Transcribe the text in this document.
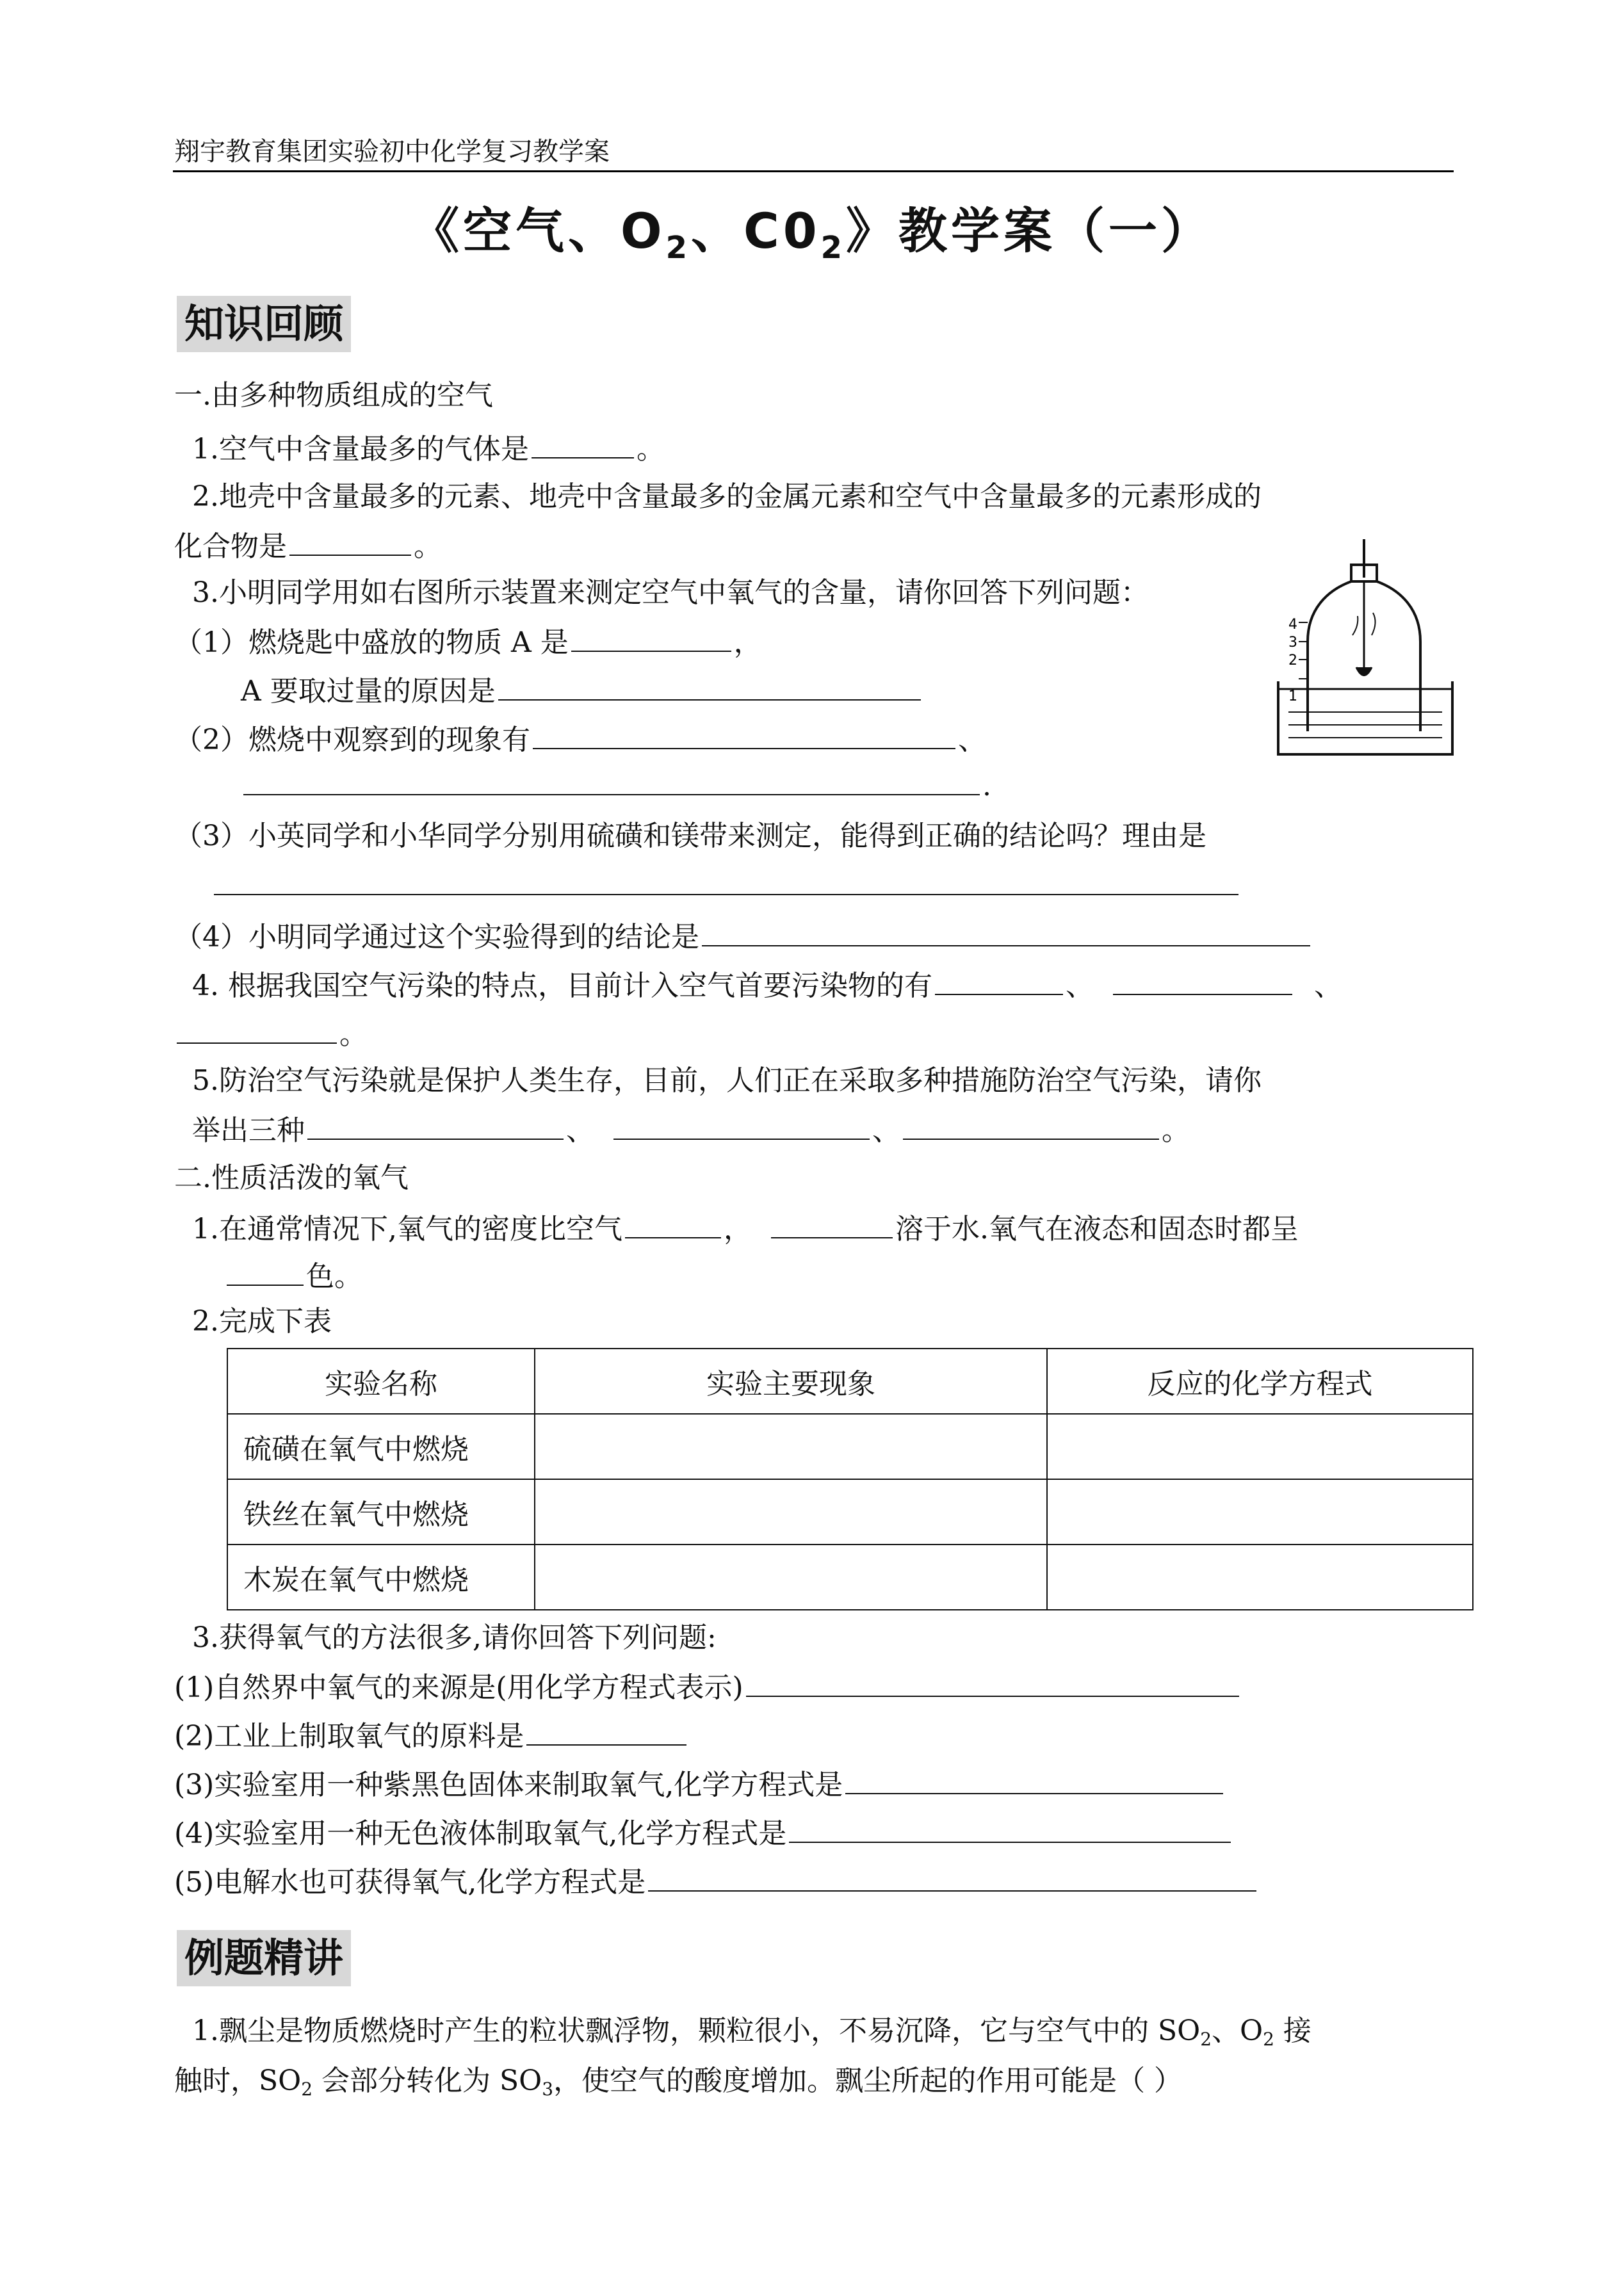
翔宇教育集团实验初中化学复习教学案
《空气、$O_2$、$C0_2$》教学案（一）
知识回顾
一.由多种物质组成的空气
1.空气中含量最多的气体是	。
2.地壳中含量最多的元素、地壳中含量最多的金属元素和空气中含量最多的元素形成的
化合物是	。
3.小明同学用如右图所示装置来测定空气中氧气的含量，请你回答下列问题：
（1）燃烧匙中盛放的物质 A 是	，
A 要取过量的原因是
（2）燃烧中观察到的现象有	、
.
（3）小英同学和小华同学分别用硫磺和镁带来测定，能得到正确的结论吗？理由是
（4）小明同学通过这个实验得到的结论是
4. 根据我国空气污染的特点，目前计入空气首要污染物的有	、	、
。
5.防治空气污染就是保护人类生存，目前，人们正在采取多种措施防治空气污染，请你
举出三种	、	、	。
4
3
2
1
二.性质活泼的氧气
1.在通常情况下,氧气的密度比空气	，	溶于水.氧气在液态和固态时都呈
色。
2.完成下表
实验名称	实验主要现象	反应的化学方程式
硫磺在氧气中燃烧		
铁丝在氧气中燃烧		
木炭在氧气中燃烧		
3.获得氧气的方法很多,请你回答下列问题:
(1)自然界中氧气的来源是(用化学方程式表示)
(2)工业上制取氧气的原料是
(3)实验室用一种紫黑色固体来制取氧气,化学方程式是
(4)实验室用一种无色液体制取氧气,化学方程式是
(5)电解水也可获得氧气,化学方程式是
例题精讲
1.飘尘是物质燃烧时产生的粒状飘浮物，颗粒很小，不易沉降，它与空气中的 $SO_2$、$O_2$ 接
触时，$SO_2$ 会部分转化为 $SO_3$，使空气的酸度增加。飘尘所起的作用可能是（ ）
